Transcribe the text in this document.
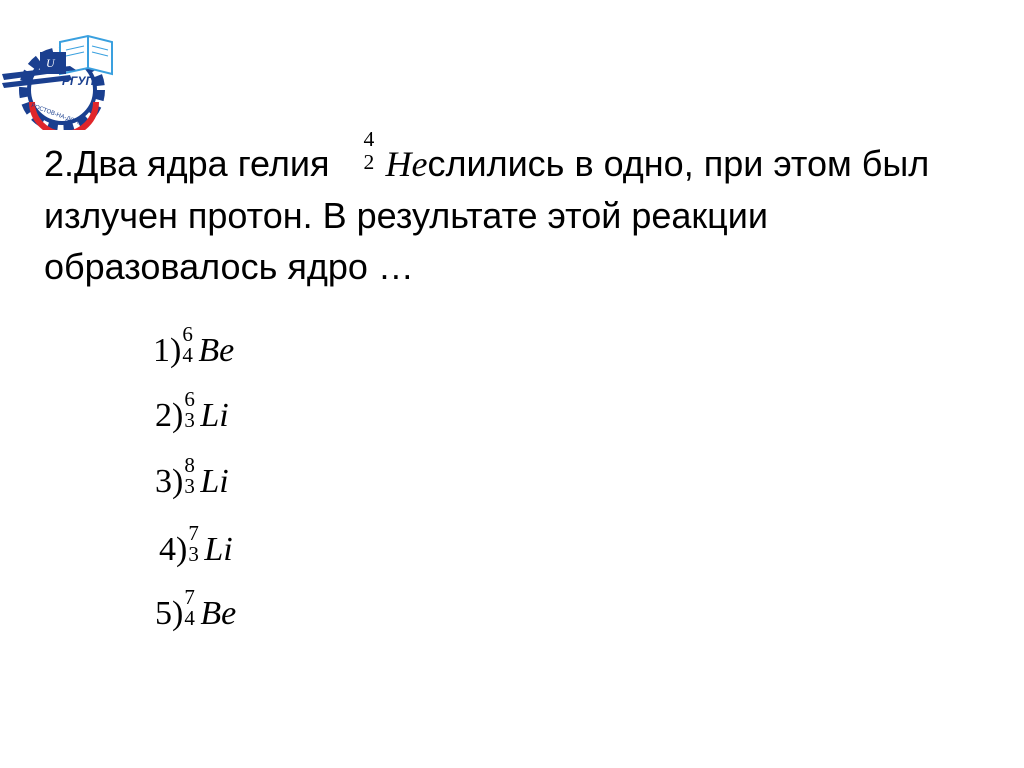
U
РГУПС
РОСТОВ-НА-ДОНУ
2.Два ядра гелия
4
2 Heслились в одно, при этом был
излучен протон. В результате этой реакции
образовалось ядро …
1) 6
4 Be
2) 6
3 Li
3) 8
3 Li
4) 7
3 Li
5) 7
4 Be
